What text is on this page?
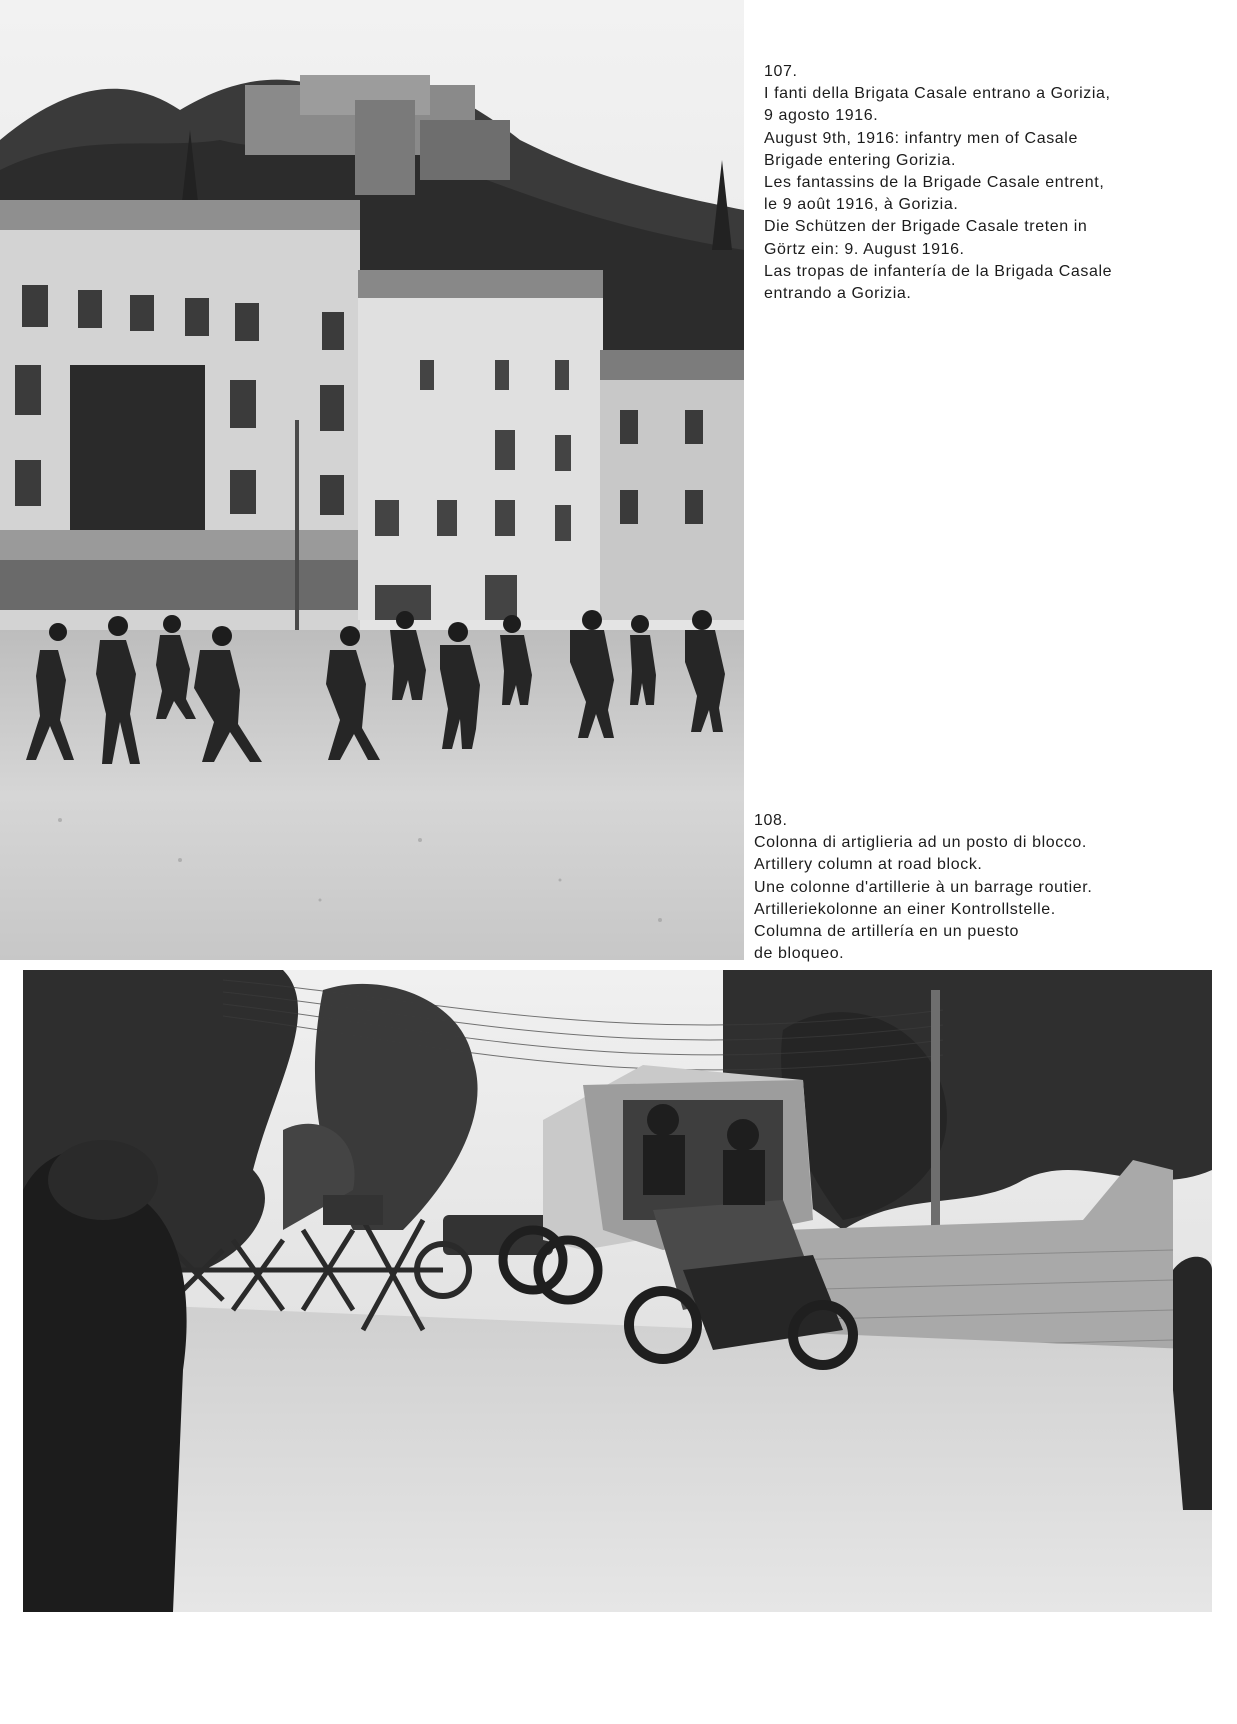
107.

I fanti della Brigata Casale entrano a Gorizia,

9 agosto 1916.

August 9th, 1916: infantry men of Casale

Brigade entering Gorizia.

Les fantassins de la Brigade Casale entrent,

le 9 août 1916, à Gorizia.

Die Schützen der Brigade Casale treten in

Görtz ein: 9. August 1916.

Las tropas de infantería de la Brigada Casale

entrando a Gorizia.

108.

Colonna di artiglieria ad un posto di blocco.

Artillery column at road block.

Une colonne d'artillerie à un barrage routier.

Artilleriekolonne an einer Kontrollstelle.

Columna de artillería en un puesto

de bloqueo.
